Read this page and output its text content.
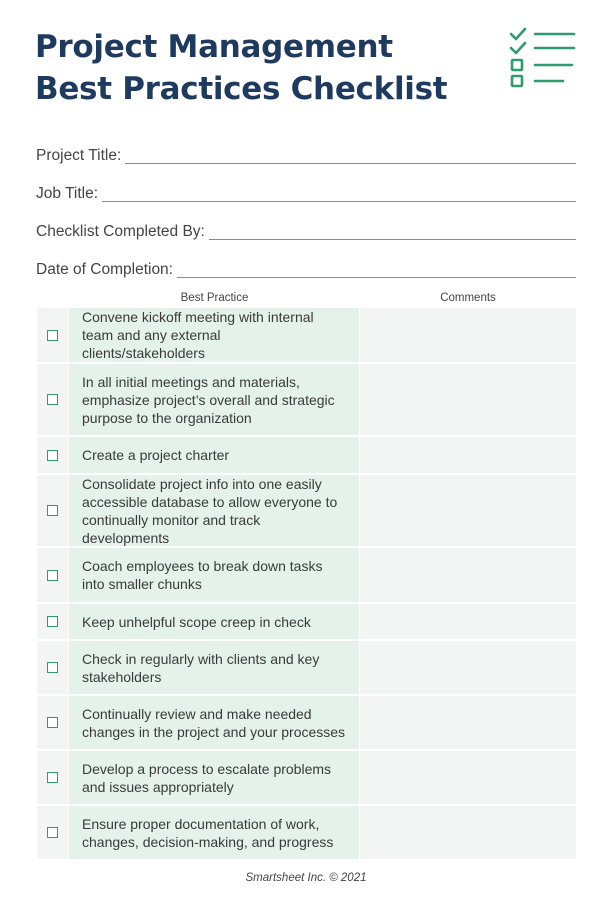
Project Management
Best Practices Checklist
Project Title:
Job Title:
Checklist Completed By:
Date of Completion:
Best Practice	Comments
Convene kickoff meeting with internal team and any external clients/stakeholders
In all initial meetings and materials, emphasize project’s overall and strategic purpose to the organization
Create a project charter
Consolidate project info into one easily accessible database to allow everyone to continually monitor and track developments
Coach employees to break down tasks into smaller chunks
Keep unhelpful scope creep in check
Check in regularly with clients and key stakeholders
Continually review and make needed changes in the project and your processes
Develop a process to escalate problems and issues appropriately
Ensure proper documentation of work, changes, decision-making, and progress
Smartsheet Inc. © 2021
